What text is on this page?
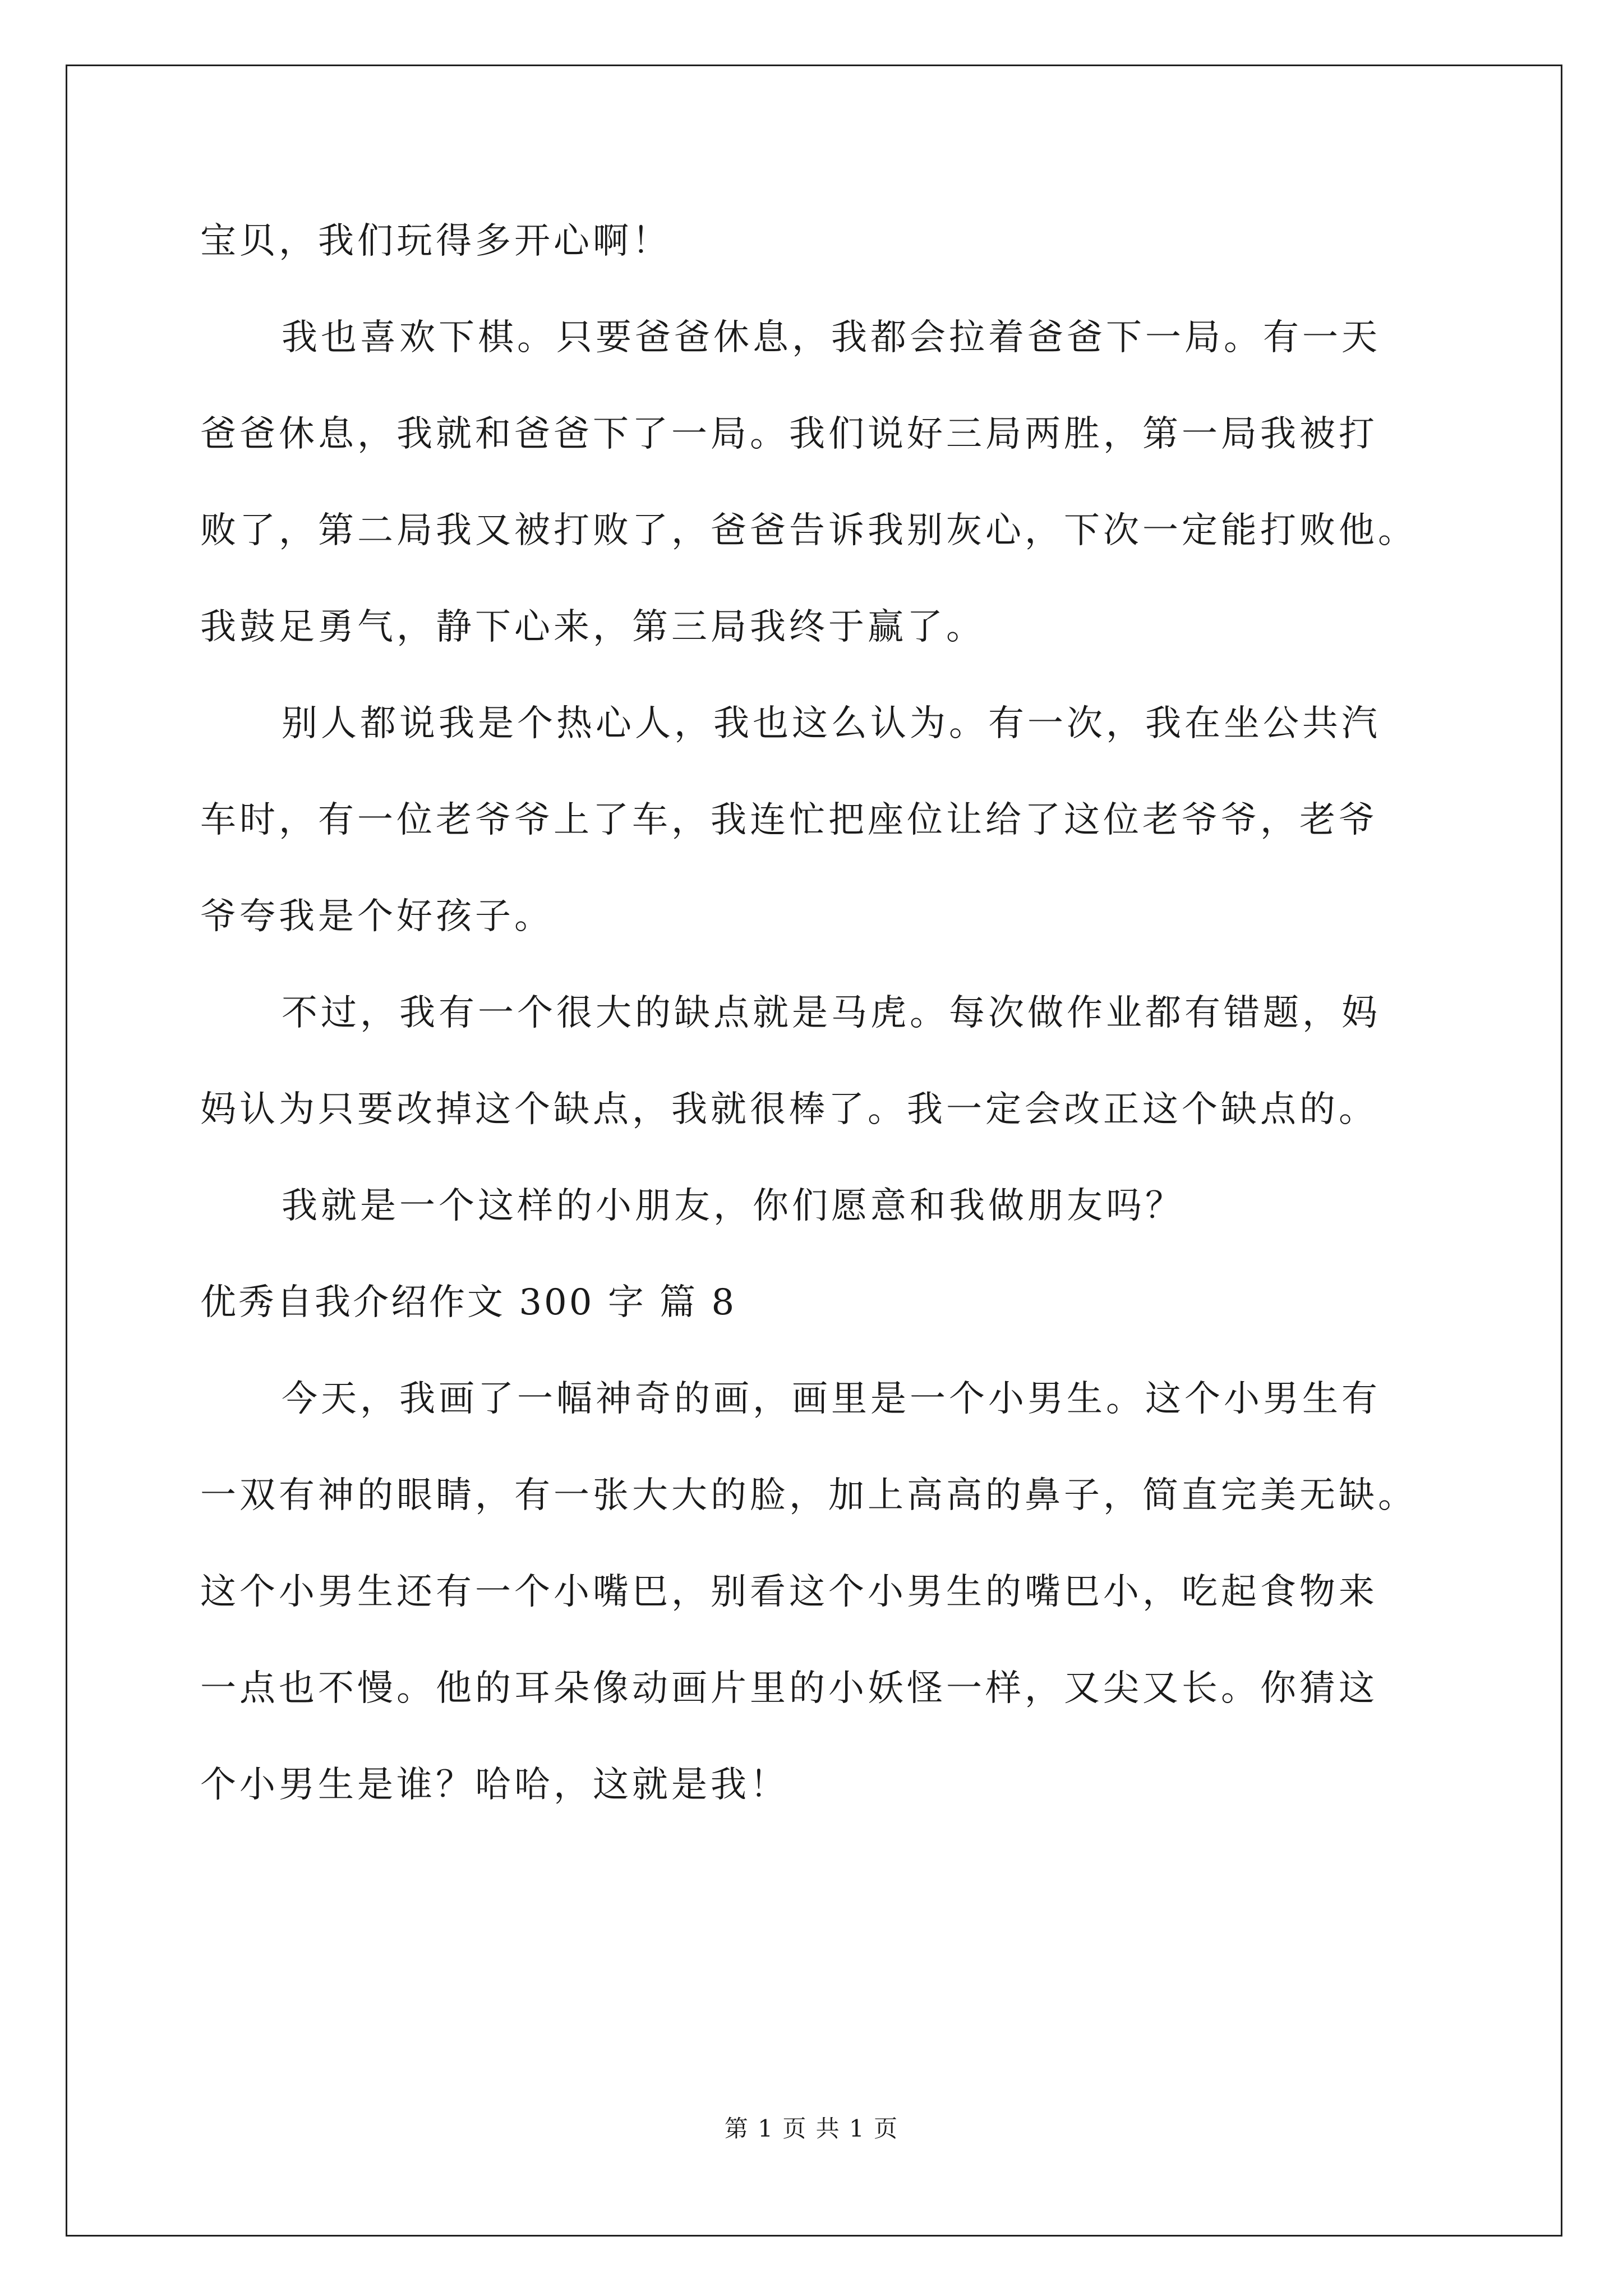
宝贝，我们玩得多开心啊！
我也喜欢下棋。只要爸爸休息，我都会拉着爸爸下一局。有一天
爸爸休息，我就和爸爸下了一局。我们说好三局两胜，第一局我被打
败了，第二局我又被打败了，爸爸告诉我别灰心，下次一定能打败他。
我鼓足勇气，静下心来，第三局我终于赢了。
别人都说我是个热心人，我也这么认为。有一次，我在坐公共汽
车时，有一位老爷爷上了车，我连忙把座位让给了这位老爷爷，老爷
爷夸我是个好孩子。
不过，我有一个很大的缺点就是马虎。每次做作业都有错题，妈
妈认为只要改掉这个缺点，我就很棒了。我一定会改正这个缺点的。
我就是一个这样的小朋友，你们愿意和我做朋友吗？
优秀自我介绍作文 300 字 篇 8
今天，我画了一幅神奇的画，画里是一个小男生。这个小男生有
一双有神的眼睛，有一张大大的脸，加上高高的鼻子，简直完美无缺。
这个小男生还有一个小嘴巴，别看这个小男生的嘴巴小，吃起食物来
一点也不慢。他的耳朵像动画片里的小妖怪一样，又尖又长。你猜这
个小男生是谁？哈哈，这就是我！
第 1 页 共 1 页
